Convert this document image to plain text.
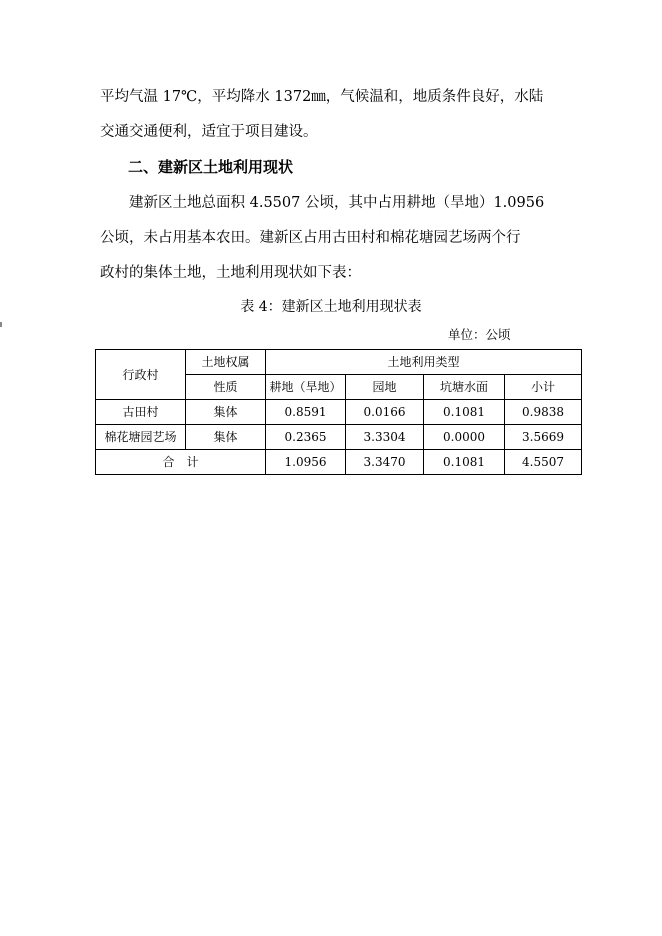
平均气温 17℃，平均降水 1372㎜，气候温和，地质条件良好，水陆

交通交通便利，适宜于项目建设。

二、建新区土地利用现状

　　建新区土地总面积 4.5507 公顷，其中占用耕地（旱地）1.0956

公顷，未占用基本农田。建新区占用古田村和棉花塘园艺场两个行

政村的集体土地，土地利用现状如下表：

表 4：建新区土地利用现状表
单位：公顷
行政村	土地权属	土地利用类型			
	性质	耕地（旱地）	园地	坑塘水面	小计
古田村	集体	0.8591	0.0166	0.1081	0.9838
棉花塘园艺场	集体	0.2365	3.3304	0.0000	3.5669
合　计		1.0956	3.3470	0.1081	4.5507
